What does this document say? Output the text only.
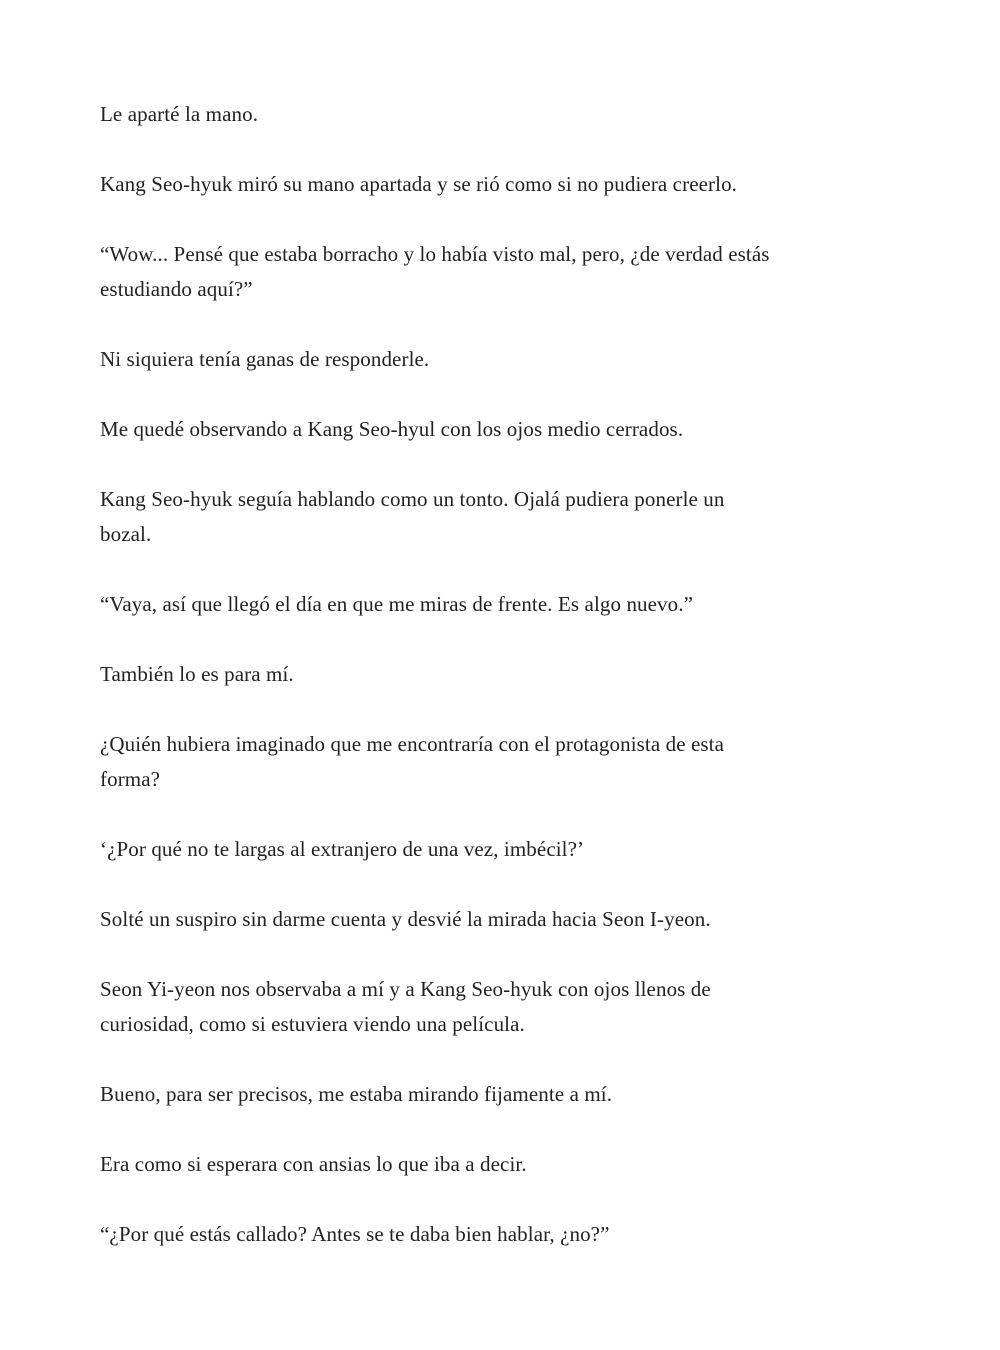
Le aparté la mano.

Kang Seo-hyuk miró su mano apartada y se rió como si no pudiera creerlo.

“Wow... Pensé que estaba borracho y lo había visto mal, pero, ¿de verdad estás
estudiando aquí?”

Ni siquiera tenía ganas de responderle.

Me quedé observando a Kang Seo-hyul con los ojos medio cerrados.

Kang Seo-hyuk seguía hablando como un tonto. Ojalá pudiera ponerle un
bozal.

“Vaya, así que llegó el día en que me miras de frente. Es algo nuevo.”

También lo es para mí.

¿Quién hubiera imaginado que me encontraría con el protagonista de esta
forma?

‘¿Por qué no te largas al extranjero de una vez, imbécil?’

Solté un suspiro sin darme cuenta y desvié la mirada hacia Seon I-yeon.

Seon Yi-yeon nos observaba a mí y a Kang Seo-hyuk con ojos llenos de
curiosidad, como si estuviera viendo una película.

Bueno, para ser precisos, me estaba mirando fijamente a mí.

Era como si esperara con ansias lo que iba a decir.

“¿Por qué estás callado? Antes se te daba bien hablar, ¿no?”
